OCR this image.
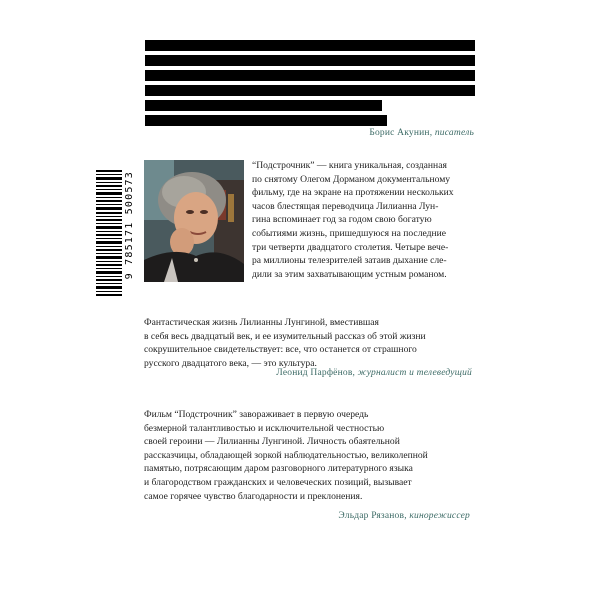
Борис Акунин, писатель
9 785171 500573
“Подстрочник” — книга уникальная, созданная
по снятому Олегом Дорманом документальному
фильму, где на экране на протяжении нескольких
часов блестящая переводчица Лилианна Лун-
гина вспоминает год за годом свою богатую
событиями жизнь, пришедшуюся на последние
три четверти двадцатого столетия. Четыре вече-
ра миллионы телезрителей затаив дыхание сле-
дили за этим захватывающим устным романом.
Фантастическая жизнь Лилианны Лунгиной, вместившая
в себя весь двадцатый век, и ее изумительный рассказ об этой жизни
сокрушительное свидетельствует: все, что останется от страшного
русского двадцатого века, — это культура.
Леонид Парфёнов, журналист и телеведущий
Фильм “Подстрочник” завораживает в первую очередь
безмерной талантливостью и исключительной честностью
своей героини — Лилианны Лунгиной. Личность обаятельной
рассказчицы, обладающей зоркой наблюдательностью, великолепной
памятью, потрясающим даром разговорного литературного языка
и благородством гражданских и человеческих позиций, вызывает
самое горячее чувство благодарности и преклонения.
Эльдар Рязанов, кинорежиссер
